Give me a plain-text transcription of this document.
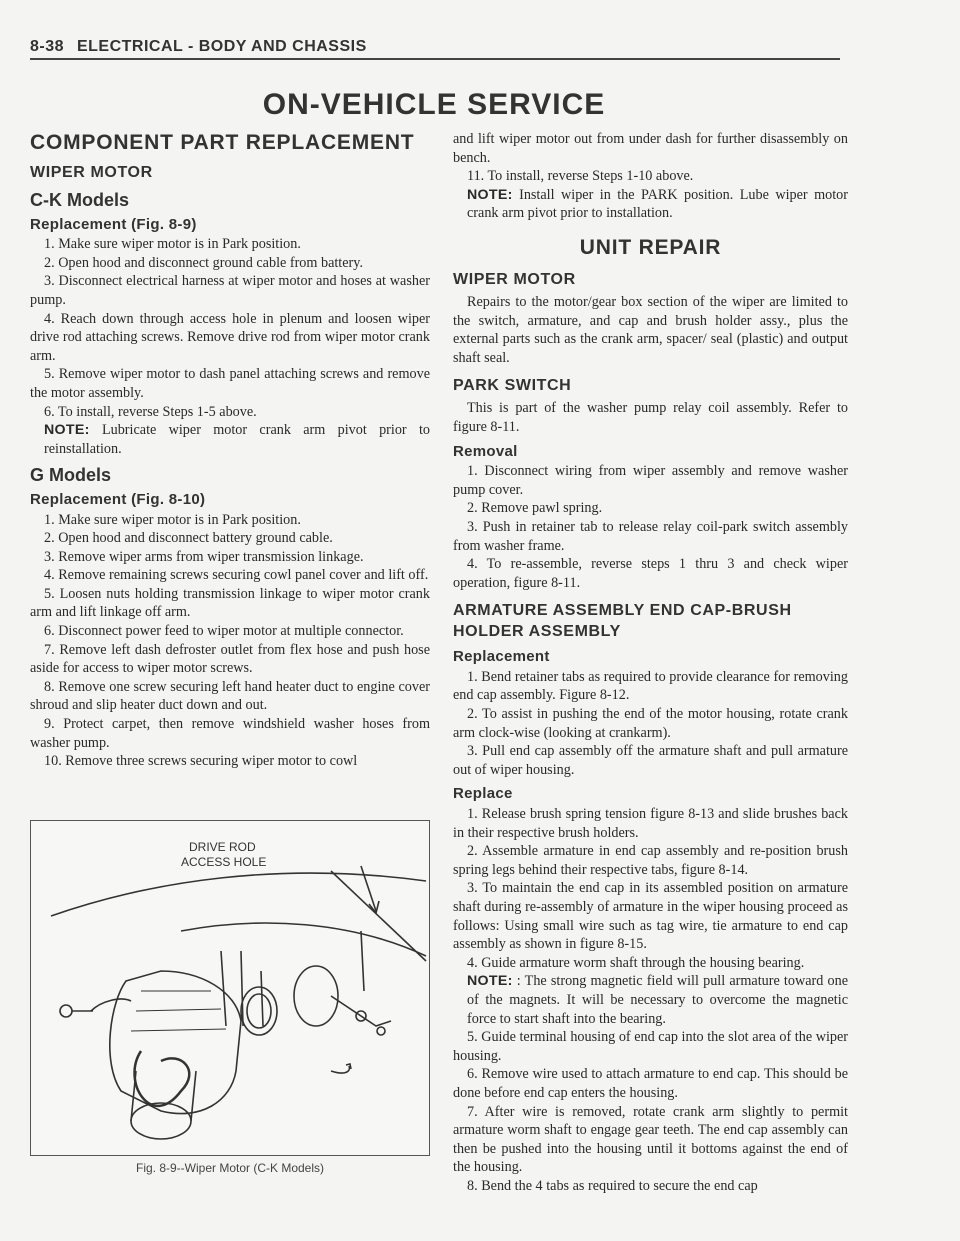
8-38 ELECTRICAL - BODY AND CHASSIS
ON-VEHICLE SERVICE
COMPONENT PART REPLACEMENT
WIPER MOTOR
C-K Models
Replacement (Fig. 8-9)

1. Make sure wiper motor is in Park position.

2. Open hood and disconnect ground cable from battery.

3. Disconnect electrical harness at wiper motor and hoses at washer pump.

4. Reach down through access hole in plenum and loosen wiper drive rod attaching screws. Remove drive rod from wiper motor crank arm.

5. Remove wiper motor to dash panel attaching screws and remove the motor assembly.

6. To install, reverse Steps 1-5 above.

NOTE: Lubricate wiper motor crank arm pivot prior to reinstallation.

G Models
Replacement (Fig. 8-10)

1. Make sure wiper motor is in Park position.

2. Open hood and disconnect battery ground cable.

3. Remove wiper arms from wiper transmission linkage.

4. Remove remaining screws securing cowl panel cover and lift off.

5. Loosen nuts holding transmission linkage to wiper motor crank arm and lift linkage off arm.

6. Disconnect power feed to wiper motor at multiple connector.

7. Remove left dash defroster outlet from flex hose and push hose aside for access to wiper motor screws.

8. Remove one screw securing left hand heater duct to engine cover shroud and slip heater duct down and out.

9. Protect carpet, then remove windshield washer hoses from washer pump.

10. Remove three screws securing wiper motor to cowl

DRIVE ROD
ACCESS HOLE
Fig. 8-9--Wiper Motor (C-K Models)

and lift wiper motor out from under dash for further disassembly on bench.

11. To install, reverse Steps 1-10 above.

NOTE: Install wiper in the PARK position. Lube wiper motor crank arm pivot prior to installation.

UNIT REPAIR
WIPER MOTOR

Repairs to the motor/gear box section of the wiper are limited to the switch, armature, and cap and brush holder assy., plus the external parts such as the crank arm, spacer/ seal (plastic) and output shaft seal.

PARK SWITCH

This is part of the washer pump relay coil assembly. Refer to figure 8-11.

Removal

1. Disconnect wiring from wiper assembly and remove washer pump cover.

2. Remove pawl spring.

3. Push in retainer tab to release relay coil-park switch assembly from washer frame.

4. To re-assemble, reverse steps 1 thru 3 and check wiper operation, figure 8-11.

ARMATURE ASSEMBLY END CAP-BRUSH HOLDER ASSEMBLY
Replacement

1. Bend retainer tabs as required to provide clearance for removing end cap assembly. Figure 8-12.

2. To assist in pushing the end of the motor housing, rotate crank arm clock-wise (looking at crankarm).

3. Pull end cap assembly off the armature shaft and pull armature out of wiper housing.

Replace

1. Release brush spring tension figure 8-13 and slide brushes back in their respective brush holders.

2. Assemble armature in end cap assembly and re-position brush spring legs behind their respective tabs, figure 8-14.

3. To maintain the end cap in its assembled position on armature shaft during re-assembly of armature in the wiper housing proceed as follows: Using small wire such as tag wire, tie armature to end cap assembly as shown in figure 8-15.

4. Guide armature worm shaft through the housing bearing.

NOTE: : The strong magnetic field will pull armature toward one of the magnets. It will be necessary to overcome the magnetic force to start shaft into the bearing.

5. Guide terminal housing of end cap into the slot area of the wiper housing.

6. Remove wire used to attach armature to end cap. This should be done before end cap enters the housing.

7. After wire is removed, rotate crank arm slightly to permit armature worm shaft to engage gear teeth. The end cap assembly can then be pushed into the housing until it bottoms against the end of the housing.

8. Bend the 4 tabs as required to secure the end cap
